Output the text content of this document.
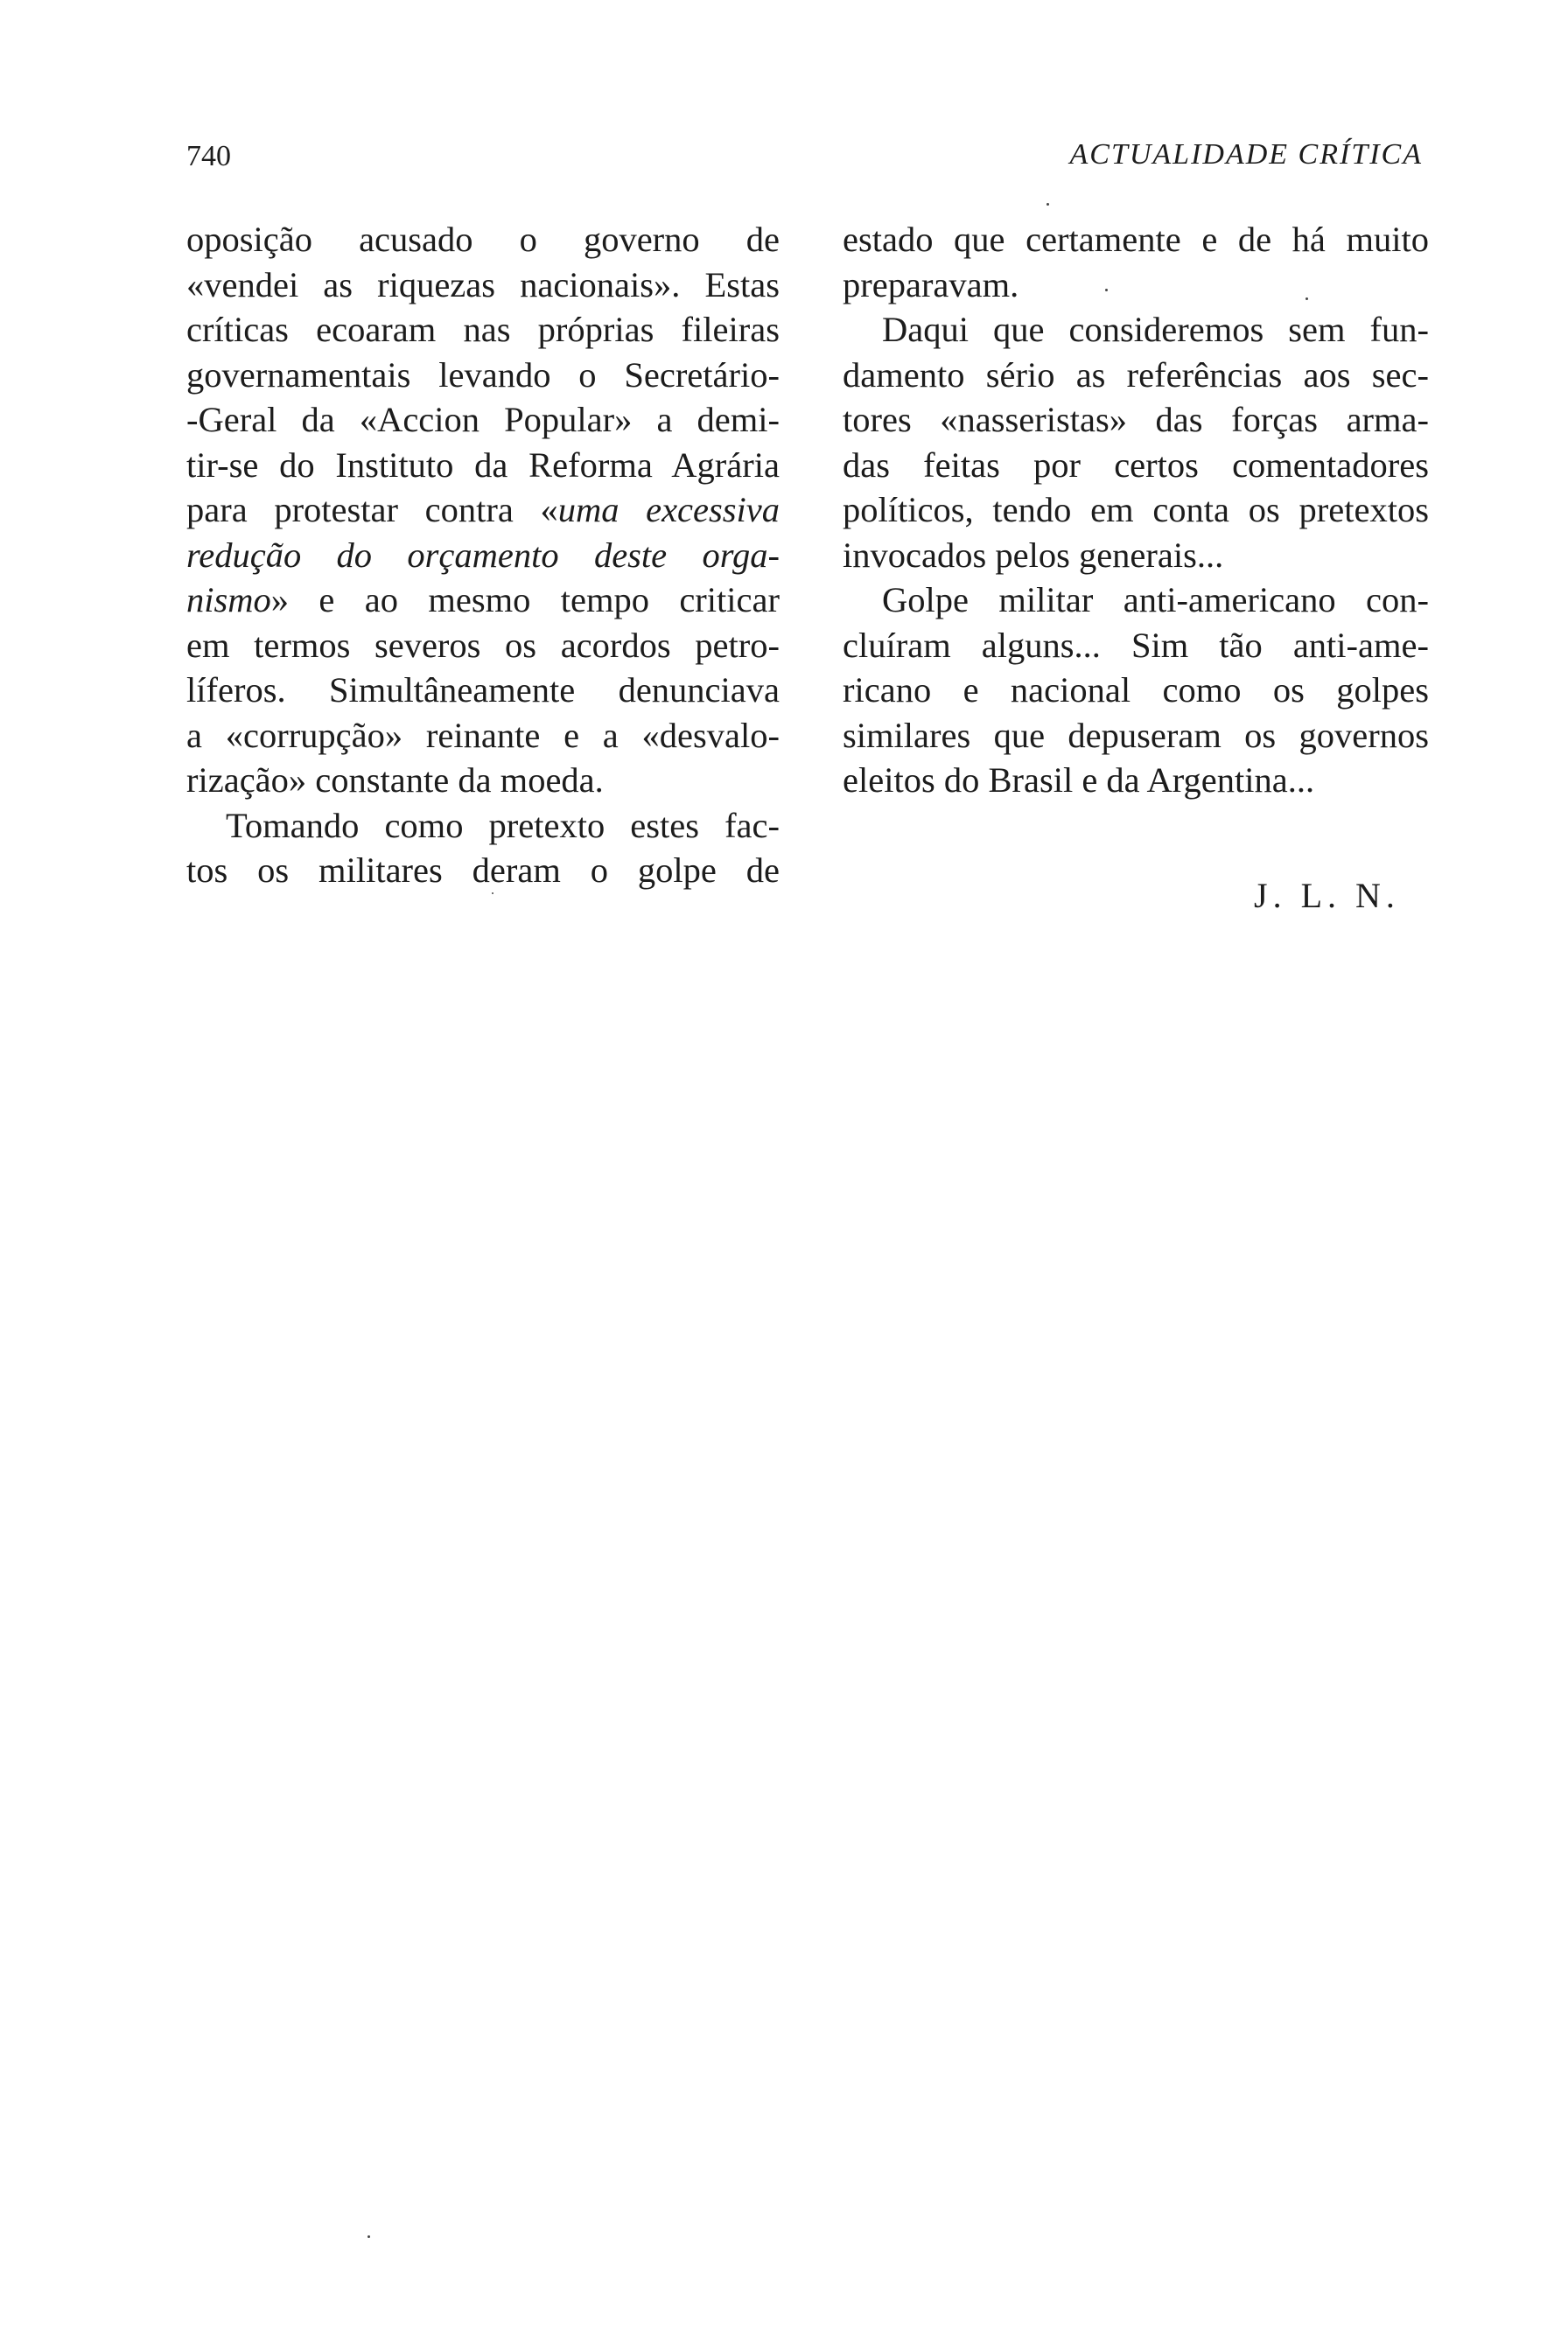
740	ACTUALIDADE CRÍTICA
oposição acusado o governo de
«vendei as riquezas nacionais». Estas
críticas ecoaram nas próprias fileiras
governamentais levando o Secretário-
-Geral da «Accion Popular» a demi-
tir-se do Instituto da Reforma Agrária
para protestar contra «uma excessiva
redução do orçamento deste orga-
nismo» e ao mesmo tempo criticar
em termos severos os acordos petro-
líferos. Simultâneamente denunciava
a «corrupção» reinante e a «desvalo-
rização» constante da moeda.
Tomando como pretexto estes fac-
tos os militares deram o golpe de
estado que certamente e de há muito
preparavam.
Daqui que consideremos sem fun-
damento sério as referências aos sec-
tores «nasseristas» das forças arma-
das feitas por certos comentadores
políticos, tendo em conta os pretextos
invocados pelos generais...
Golpe militar anti-americano con-
cluíram alguns... Sim tão anti-ame-
ricano e nacional como os golpes
similares que depuseram os governos
eleitos do Brasil e da Argentina...
J. L. N.
